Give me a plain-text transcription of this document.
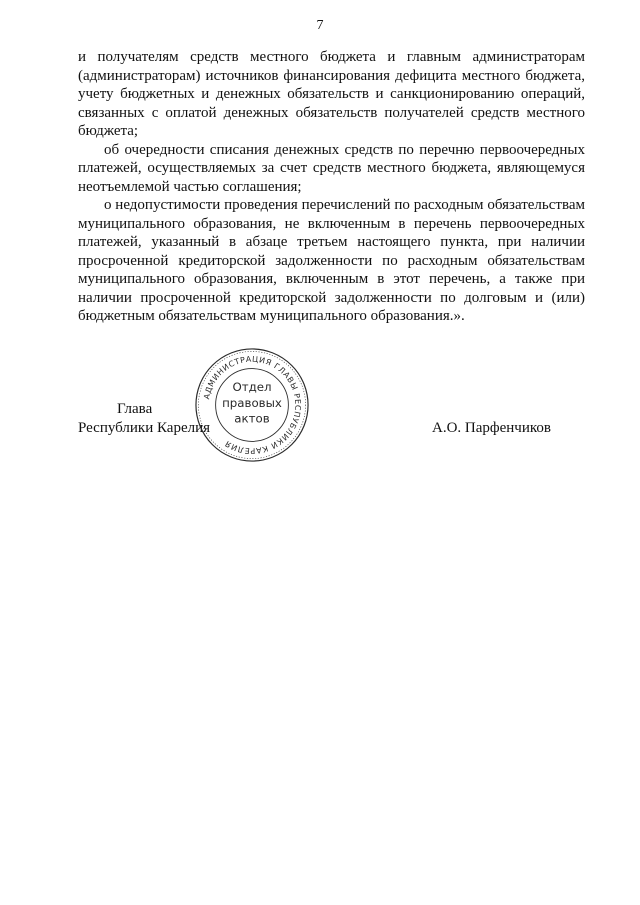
7

и получателям средств местного бюджета и главным администраторам (администраторам) источников финансирования дефицита местного бюджета, учету бюджетных и денежных обязательств и санкционированию операций, связанных с оплатой денежных обязательств получателей средств местного бюджета;

об очередности списания денежных средств по перечню первоочередных платежей, осуществляемых за счет средств местного бюджета, являющемуся неотъемлемой частью соглашения;

о недопустимости проведения перечислений по расходным обязательствам муниципального образования, не включенным в перечень первоочередных платежей, указанный в абзаце третьем настоящего пункта, при наличии просроченной кредиторской задолженности по расходным обязательствам муниципального образования, включенным в этот перечень, а также при наличии просроченной кредиторской задолженности по долговым и (или) бюджетным обязательствам муниципального образования.».

Глава
Республики Карелия	А.О. Парфенчиков
АДМИНИСТРАЦИЯ ГЛАВЫ РЕСПУБЛИКИ КАРЕЛИЯ
Отдел
правовых
актов
